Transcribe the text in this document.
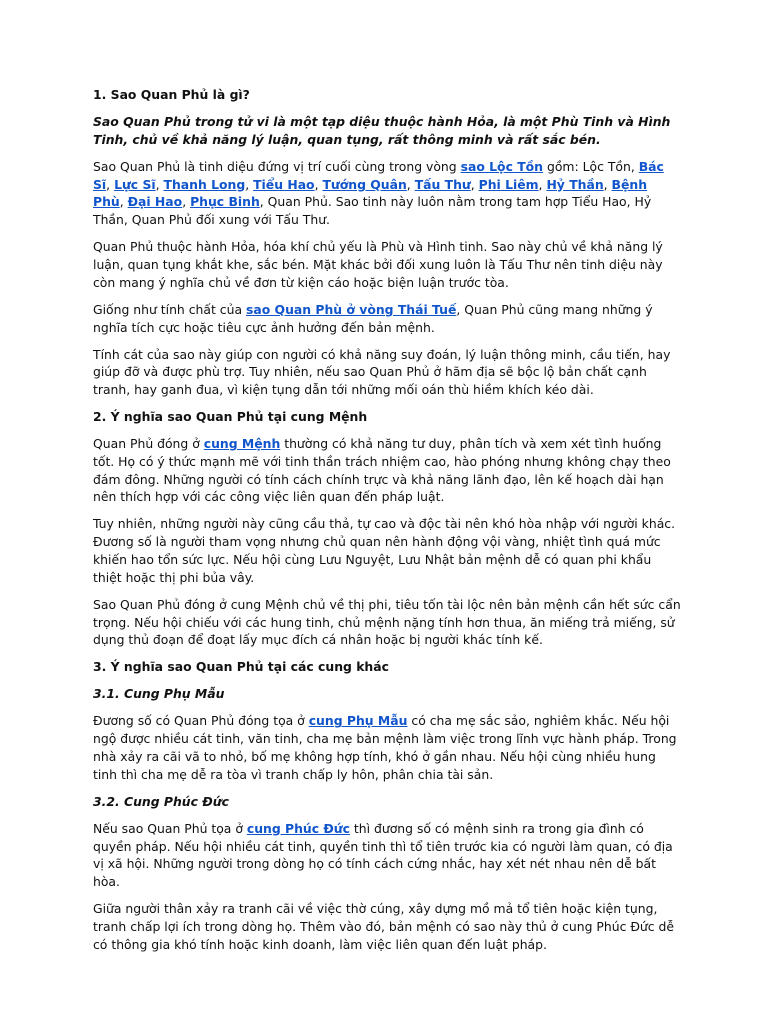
1. Sao Quan Phủ là gì?

Sao Quan Phủ trong tử vi là một tạp diệu thuộc hành Hỏa, là một Phù Tinh và Hình Tinh, chủ về khả năng lý luận, quan tụng, rất thông minh và rất sắc bén.

Sao Quan Phủ là tinh diệu đứng vị trí cuối cùng trong vòng sao Lộc Tồn gồm: Lộc Tồn, Bác Sĩ, Lực Sĩ, Thanh Long, Tiểu Hao, Tướng Quân, Tấu Thư, Phi Liêm, Hỷ Thần, Bệnh Phù, Đại Hao, Phục Binh, Quan Phủ. Sao tinh này luôn nằm trong tam hợp Tiểu Hao, Hỷ Thần, Quan Phủ đối xung với Tấu Thư.

Quan Phủ thuộc hành Hỏa, hóa khí chủ yếu là Phù và Hình tinh. Sao này chủ về khả năng lý luận, quan tụng khắt khe, sắc bén. Mặt khác bởi đối xung luôn là Tấu Thư nên tinh diệu này còn mang ý nghĩa chủ về đơn từ kiện cáo hoặc biện luận trước tòa.

Giống như tính chất của sao Quan Phù ở vòng Thái Tuế, Quan Phủ cũng mang những ý nghĩa tích cực hoặc tiêu cực ảnh hưởng đến bản mệnh.

Tính cát của sao này giúp con người có khả năng suy đoán, lý luận thông minh, cầu tiến, hay giúp đỡ và được phù trợ. Tuy nhiên, nếu sao Quan Phủ ở hãm địa sẽ bộc lộ bản chất cạnh tranh, hay ganh đua, vì kiện tụng dẫn tới những mối oán thù hiềm khích kéo dài.

2. Ý nghĩa sao Quan Phủ tại cung Mệnh

Quan Phủ đóng ở cung Mệnh thường có khả năng tư duy, phân tích và xem xét tình huống tốt. Họ có ý thức mạnh mẽ với tinh thần trách nhiệm cao, hào phóng nhưng không chạy theo đám đông. Những người có tính cách chính trực và khả năng lãnh đạo, lên kế hoạch dài hạn nên thích hợp với các công việc liên quan đến pháp luật.

Tuy nhiên, những người này cũng cầu thả, tự cao và độc tài nên khó hòa nhập với người khác. Đương số là người tham vọng nhưng chủ quan nên hành động vội vàng, nhiệt tình quá mức khiến hao tổn sức lực. Nếu hội cùng Lưu Nguyệt, Lưu Nhật bản mệnh dễ có quan phi khẩu thiệt hoặc thị phi bủa vây.

Sao Quan Phủ đóng ở cung Mệnh chủ về thị phi, tiêu tốn tài lộc nên bản mệnh cần hết sức cẩn trọng. Nếu hội chiếu với các hung tinh, chủ mệnh nặng tính hơn thua, ăn miếng trả miếng, sử dụng thủ đoạn để đoạt lấy mục đích cá nhân hoặc bị người khác tính kế.

3. Ý nghĩa sao Quan Phủ tại các cung khác

3.1. Cung Phụ Mẫu

Đương số có Quan Phủ đóng tọa ở cung Phụ Mẫu có cha mẹ sắc sảo, nghiêm khắc. Nếu hội ngộ được nhiều cát tinh, văn tinh, cha mẹ bản mệnh làm việc trong lĩnh vực hành pháp. Trong nhà xảy ra cãi vã to nhỏ, bố mẹ không hợp tính, khó ở gần nhau. Nếu hội cùng nhiều hung tinh thì cha mẹ dễ ra tòa vì tranh chấp ly hôn, phân chia tài sản.

3.2. Cung Phúc Đức

Nếu sao Quan Phủ tọa ở cung Phúc Đức thì đương số có mệnh sinh ra trong gia đình có quyền pháp. Nếu hội nhiều cát tinh, quyền tinh thì tổ tiên trước kia có người làm quan, có địa vị xã hội. Những người trong dòng họ có tính cách cứng nhắc, hay xét nét nhau nên dễ bất hòa.

Giữa người thân xảy ra tranh cãi về việc thờ cúng, xây dựng mồ mả tổ tiên hoặc kiện tụng, tranh chấp lợi ích trong dòng họ. Thêm vào đó, bản mệnh có sao này thủ ở cung Phúc Đức dễ có thông gia khó tính hoặc kinh doanh, làm việc liên quan đến luật pháp.
